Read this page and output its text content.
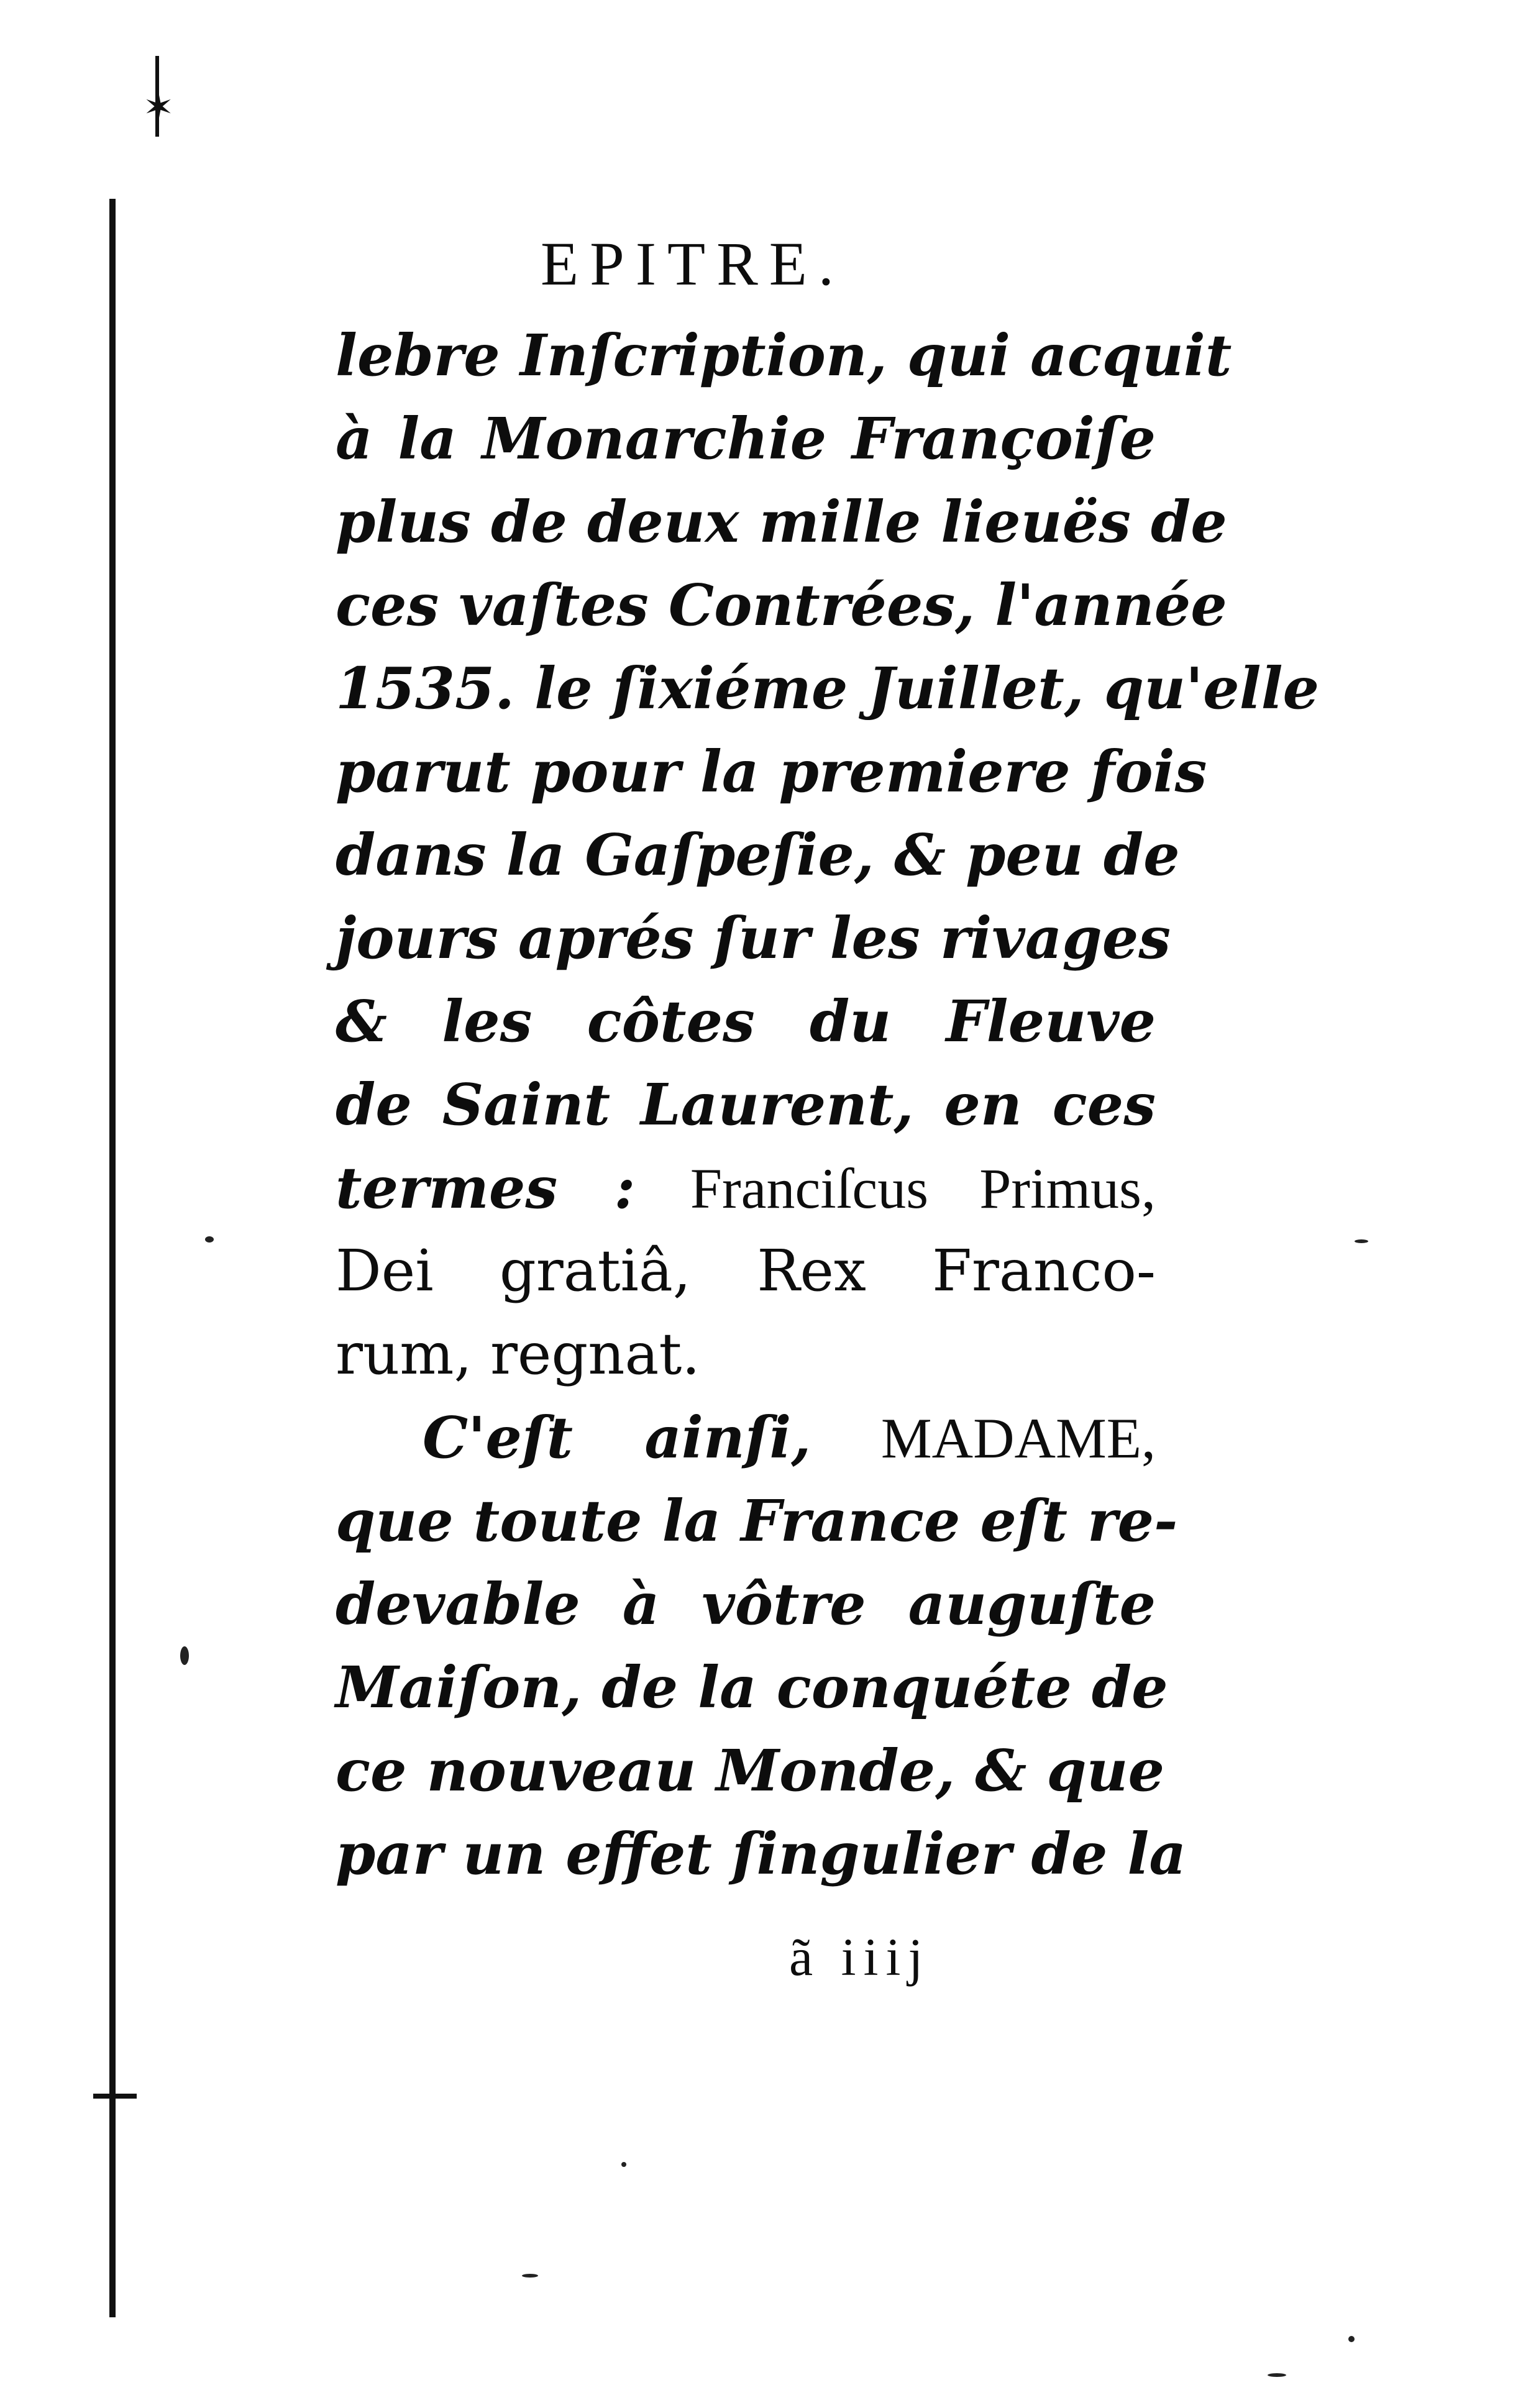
✶
EPITRE.
lebre Inſcription, qui acquit
à la Monarchie Françoiſe
plus de deux mille lieuës de
ces vaſtes Contrées, l'année
1535. le ſixiéme Juillet, qu'elle
parut pour la premiere fois
dans la Gaſpeſie, & peu de
jours aprés ſur les rivages
& les côtes du Fleuve
de Saint Laurent, en ces
termes : Franciſcus Primus,
Dei gratiâ, Rex Franco-
rum, regnat.
C'eſt ainſi, MADAME,
que toute la France eſt re-
devable à vôtre auguſte
Maiſon, de la conquéte de
ce nouveau Monde, & que
par un effet ſingulier de la
ã iiij
